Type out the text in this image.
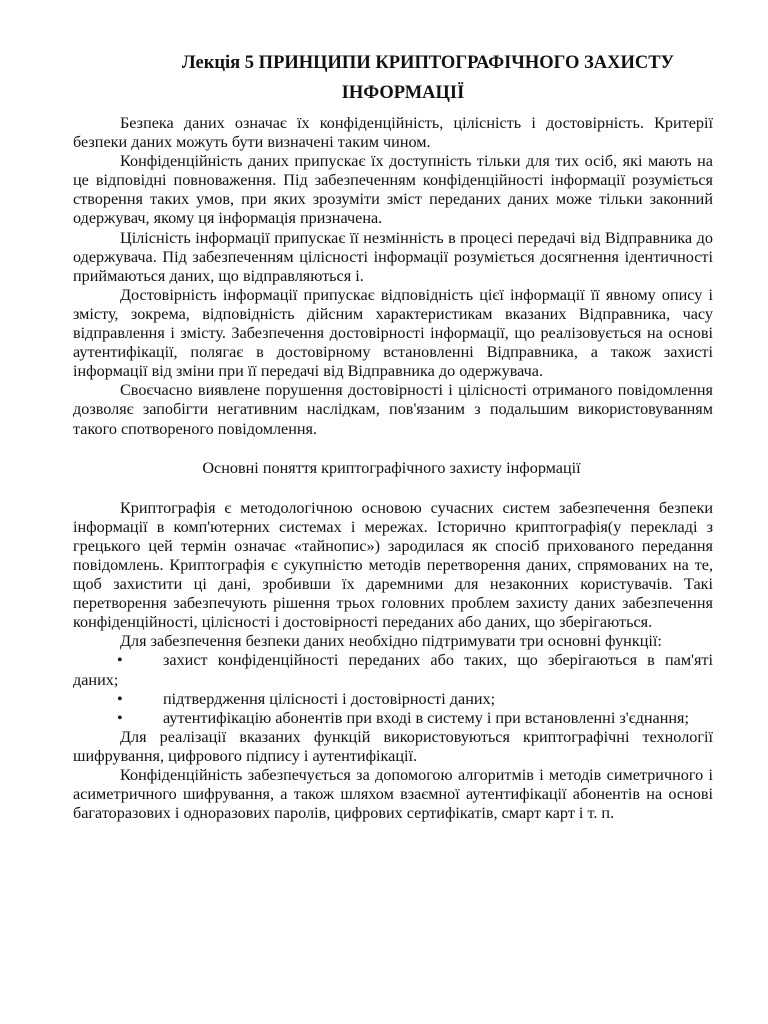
Лекція 5 ПРИНЦИПИ КРИПТОГРАФІЧНОГО ЗАХИСТУ
ІНФОРМАЦІЇ

Безпека даних означає їх конфіденційність, цілісність і достовірність. Критерії безпеки даних можуть бути визначені таким чином.

Конфіденційність даних припускає їх доступність тільки для тих осіб, які мають на це відповідні повноваження. Під забезпеченням конфіденційності інформації розуміється створення таких умов, при яких зрозуміти зміст переданих даних може тільки законний одержувач, якому ця інформація призначена.

Цілісність інформації припускає її незмінність в процесі передачі від Відправника до одержувача. Під забезпеченням цілісності інформації розуміється досягнення ідентичності приймаються даних, що відправляються і.

Достовірність інформації припускає відповідність цієї інформації її явному опису і змісту, зокрема, відповідність дійсним характеристикам вказаних Відправника, часу відправлення і змісту. Забезпечення достовірності інформації, що реалізовується на основі аутентифікації, полягає в достовірному встановленні Відправника, а також захисті інформації від зміни при її передачі від Відправника до одержувача.

Своєчасно виявлене порушення достовірності і цілісності отриманого повідомлення дозволяє запобігти негативним наслідкам, пов'язаним з подальшим використовуванням такого спотвореного повідомлення.

Основні поняття криптографічного захисту інформації

Криптографія є методологічною основою сучасних систем забезпечення безпеки інформації в комп'ютерних системах і мережах. Історично криптографія(у перекладі з грецького цей термін означає «тайнопис») зародилася як спосіб прихованого передання повідомлень. Криптографія є сукупністю методів перетворення даних, спрямованих на те, щоб захистити ці дані, зробивши їх даремними для незаконних користувачів. Такі перетворення забезпечують рішення трьох головних проблем захисту даних забезпечення конфіденційності, цілісності і достовірності переданих або даних, що зберігаються.

Для забезпечення безпеки даних необхідно підтримувати три основні функції:

• захист конфіденційності переданих або таких, що зберігаються в пам'яті даних;
• підтвердження цілісності і достовірності даних;
• аутентифікацію абонентів при вході в систему і при встановленні з'єднання;

Для реалізації вказаних функцій використовуються криптографічні технології шифрування, цифрового підпису і аутентифікації.

Конфіденційність забезпечується за допомогою алгоритмів і методів симетричного і асиметричного шифрування, а також шляхом взаємної аутентифікації абонентів на основі багаторазових і одноразових паролів, цифрових сертифікатів, смарт карт і т. п.
